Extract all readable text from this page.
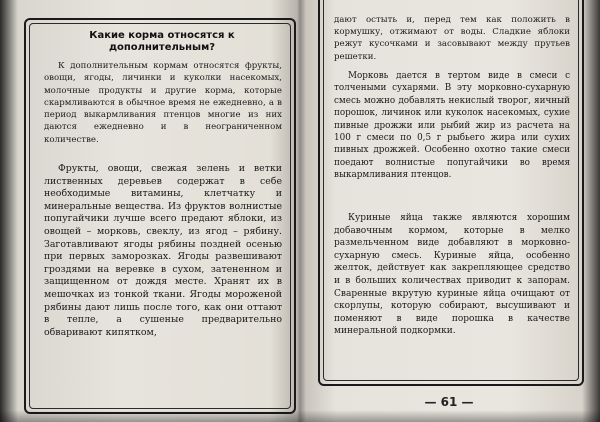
Какие корма относятся к дополнительным?
К дополнительным кормам относятся фрукты, овощи, ягоды, личинки и куколки насекомых, молочные продукты и другие корма, которые скармливаются в обычное время не ежедневно, а в период выкармливания птенцов многие из них даются ежедневно и в неограниченном количестве.
Фрукты, овощи, свежая зелень и ветки лиственных деревьев содержат в себе необходимые витамины, клетчатку и минеральные вещества. Из фруктов волнистые попугайчики лучше всего предают яблоки, из овощей – морковь, свеклу, из ягод – рябину. Заготавливают ягоды рябины поздней осенью при первых заморозках. Ягоды развешивают гроздями на веревке в сухом, затененном и защищенном от дождя месте. Хранят их в мешочках из тонкой ткани. Ягоды мороженой рябины дают лишь после того, как они оттают в тепле, а сушеные предварительно обваривают кипятком,
дают остыть и, перед тем как положить в кормушку, отжимают от воды. Сладкие яблоки режут кусочками и засовывают между прутьев решетки.
Морковь дается в тертом виде в смеси с толчеными сухарями. В эту морковно-сухарную смесь можно добавлять некислый творог, яичный порошок, личинок или куколок насекомых, сухие пивные дрожжи или рыбий жир из расчета на 100 г смеси по 0,5 г рыбьего жира или сухих пивных дрожжей. Особенно охотно такие смеси поедают волнистые попугайчики во время выкармливания птенцов.
Куриные яйца также являются хорошим добавочным кормом, которые в мелко размельченном виде добавляют в морковно-сухарную смесь. Куриные яйца, особенно желток, действует как закрепляющее средство и в больших количествах приводит к запорам. Сваренные вкрутую куриные яйца очищают от скорлупы, которую собирают, высушивают и поменяют в виде порошка в качестве минеральной подкормки.
— 61 —
